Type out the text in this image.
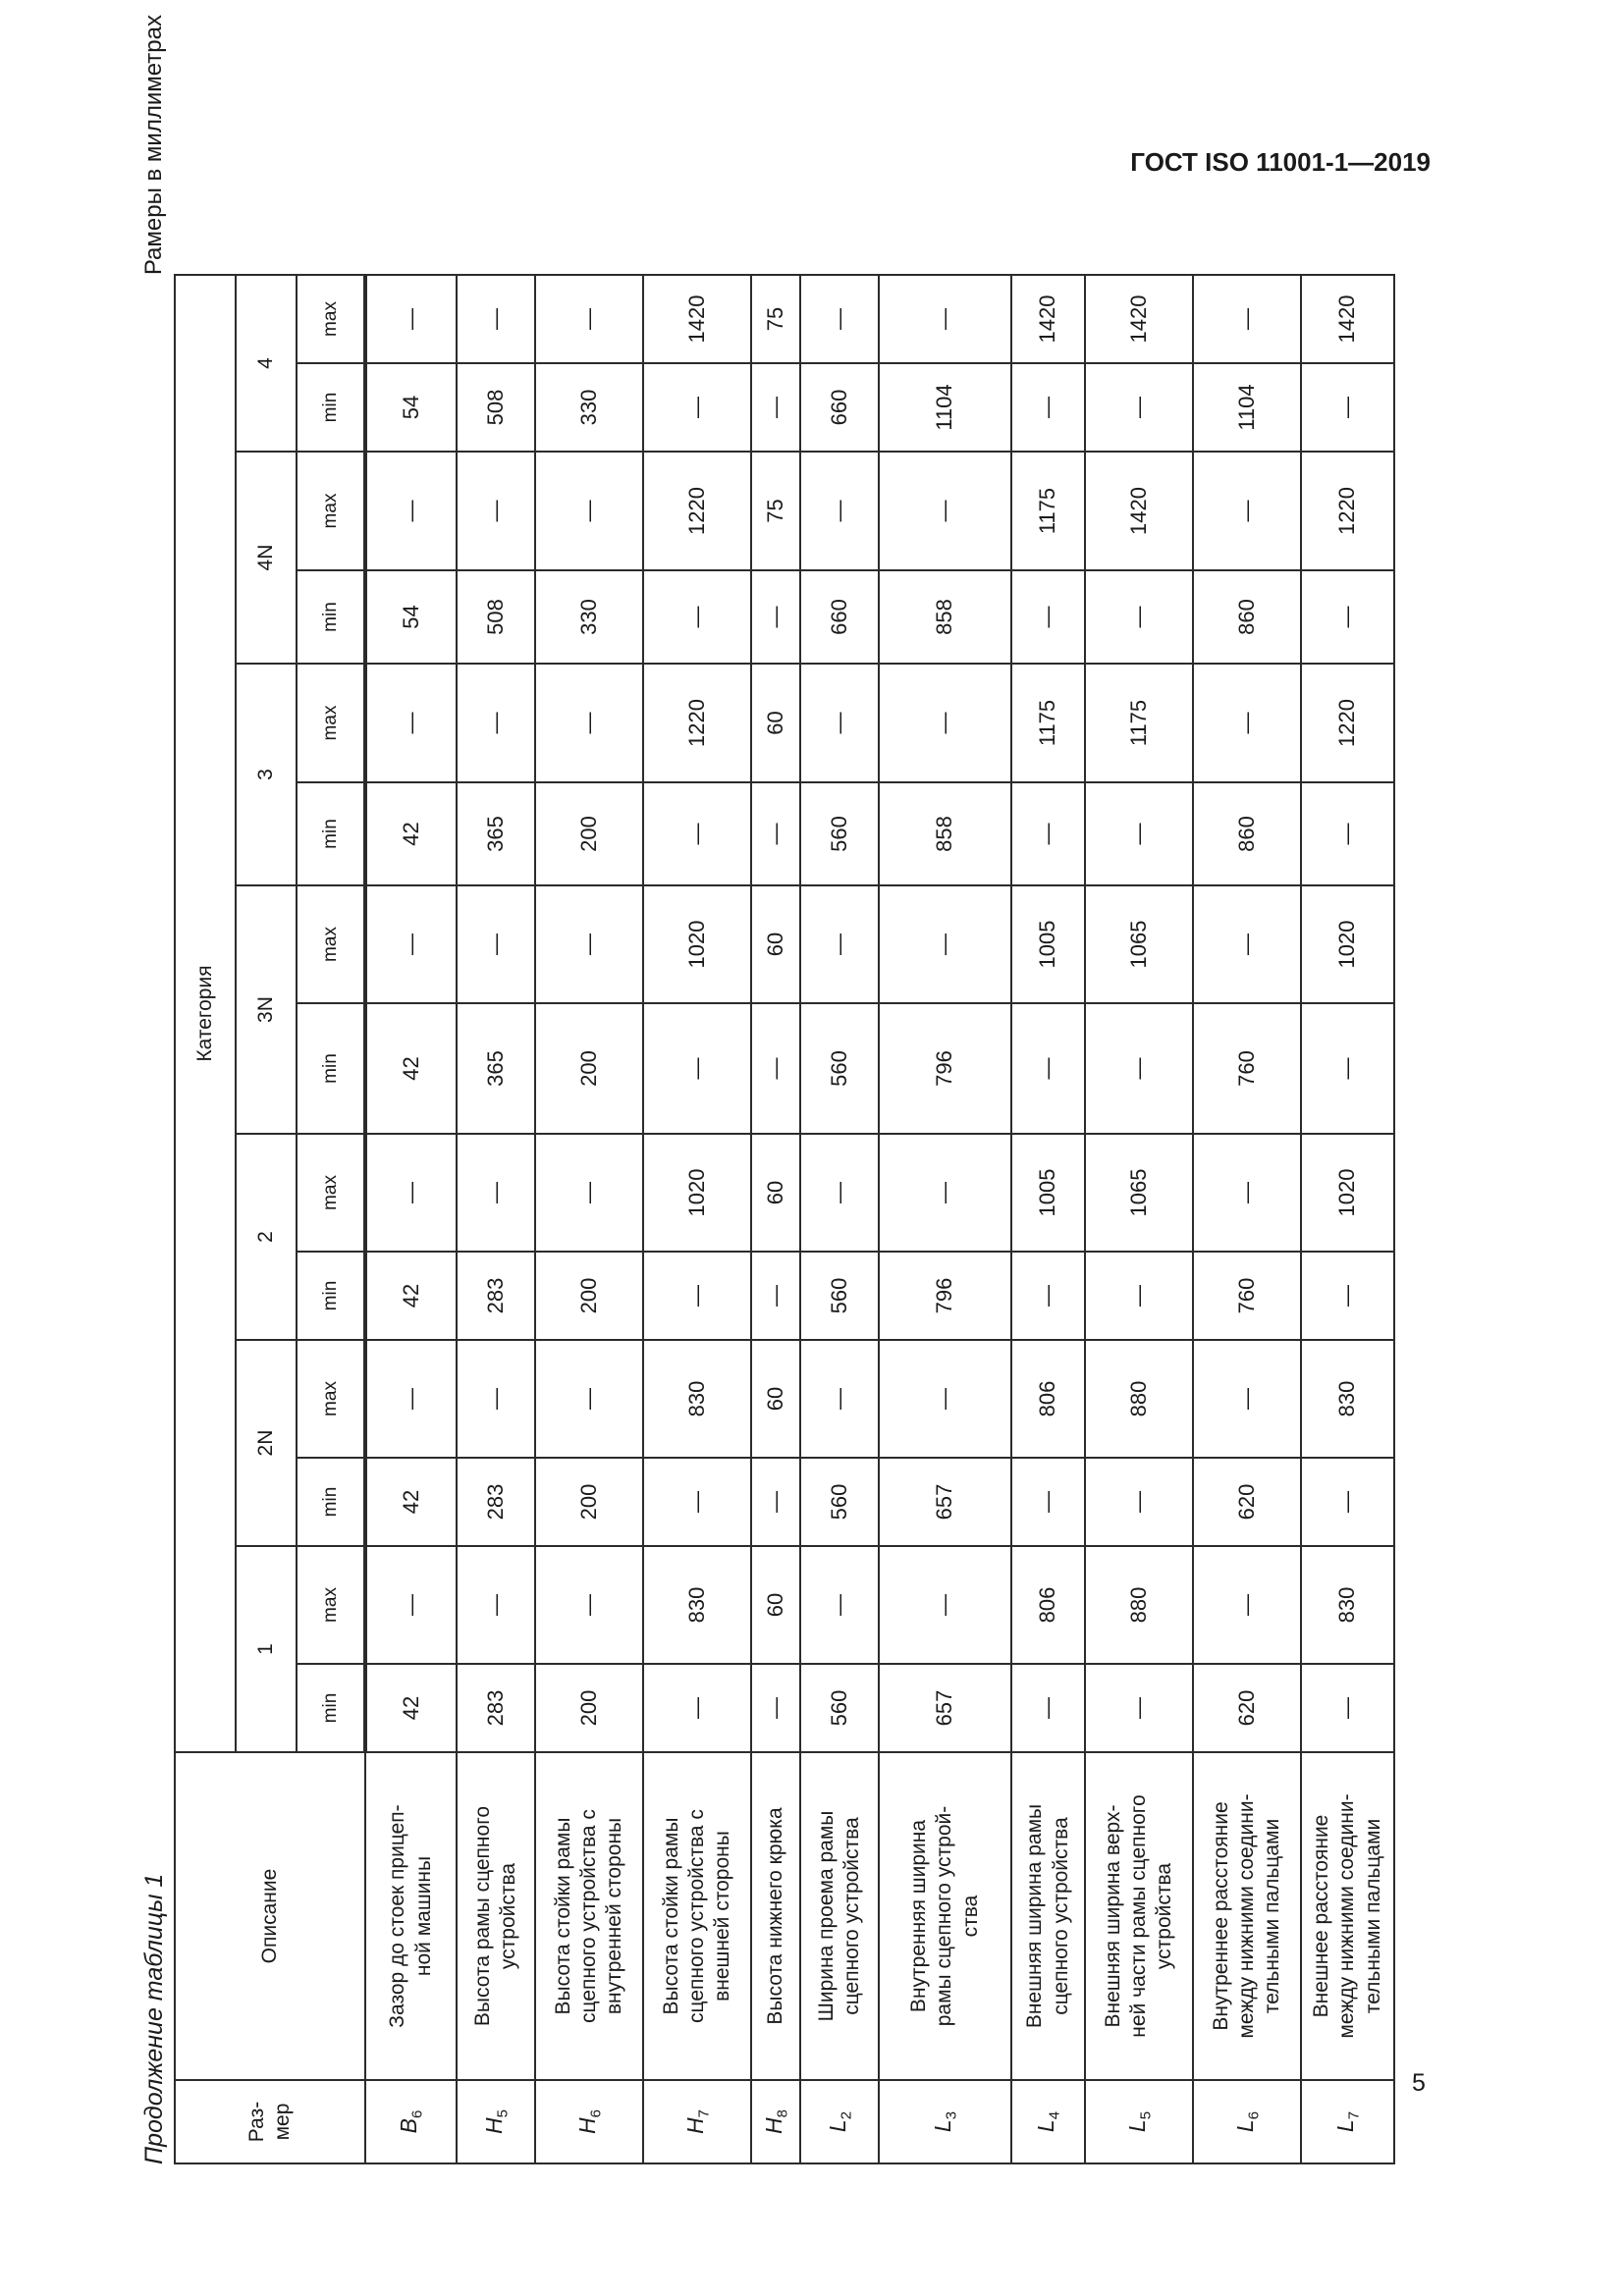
ГОСТ ISO 11001-1—2019
Продолжение таблицы 1
Рамеры в миллиметрах
Раз-
мер	Описание	Категория													
		1		2N		2		3N		3		4N		4	
		min	max	min	max	min	max	min	max	min	max	min	max	min	max
$B_6$	Зазор до стоек прицеп-
ной машины	42	—	42	—	42	—	42	—	42	—	54	—	54	—
$H_5$	Высота рамы сцепного
устройства	283	—	283	—	283	—	365	—	365	—	508	—	508	—
$H_6$	Высота стойки рамы
сцепного устройства с
внутренней стороны	200	—	200	—	200	—	200	—	200	—	330	—	330	—
$H_7$	Высота стойки рамы
сцепного устройства с
внешней стороны	—	830	—	830	—	1020	—	1020	—	1220	—	1220	—	1420
$H_8$	Высота нижнего крюка	—	60	—	60	—	60	—	60	—	60	—	75	—	75
$L_2$	Ширина проема рамы
сцепного устройства	560	—	560	—	560	—	560	—	560	—	660	—	660	—
$L_3$	Внутренняя ширина
рамы сцепного устрой-
ства	657	—	657	—	796	—	796	—	858	—	858	—	1104	—
$L_4$	Внешняя ширина рамы
сцепного устройства	—	806	—	806	—	1005	—	1005	—	1175	—	1175	—	1420
$L_5$	Внешняя ширина верх-
ней части рамы сцепного
устройства	—	880	—	880	—	1065	—	1065	—	1175	—	1420	—	1420
$L_6$	Внутреннее расстояние
между нижними соедини-
тельными пальцами	620	—	620	—	760	—	760	—	860	—	860	—	1104	—
$L_7$	Внешнее расстояние
между нижними соедини-
тельными пальцами	—	830	—	830	—	1020	—	1020	—	1220	—	1220	—	1420
5
